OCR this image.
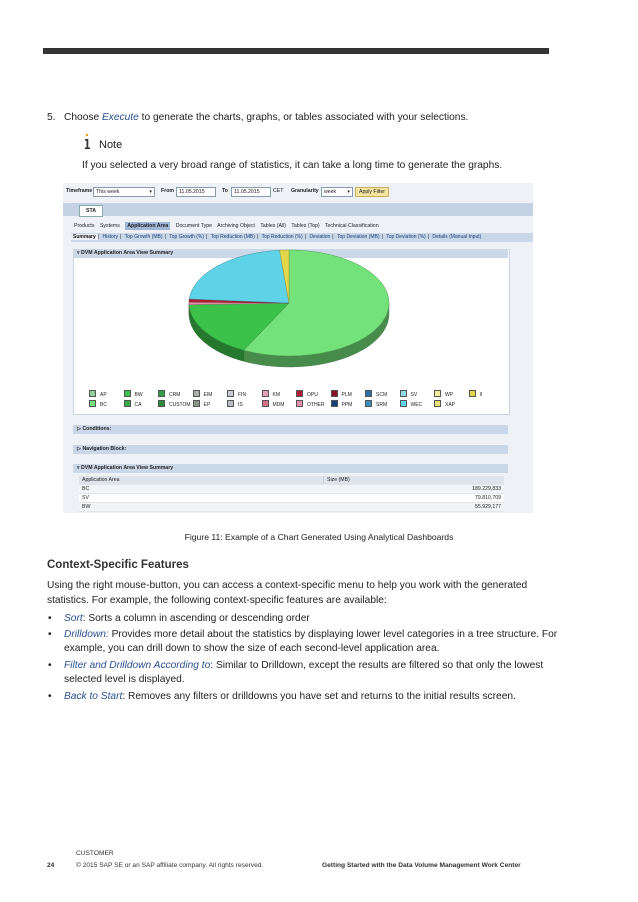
5. Choose Execute to generate the charts, graphs, or tables associated with your selections.
Note
If you selected a very broad range of statistics, it can take a long time to generate the graphs.
Timeframe This week	▾ From 11.05.2015	To	11.05.2015	CET Granularity	week ▾	Apply Filter
STA
Products Systems Application Area Document Type Archiving Object Tables (All) Tables (Top) Technical Classification
Summary | History | Top Growth (MB) | Top Growth (%) | Top Reduction (MB) | Top Reduction (%) | Deviation | Top Deviation (MB) | Top Deviation (%) | Details (Manual Input)
▿ DVM Application Area View Summary
AP	BW	CRM	EIM	FIN	KM	OPU	PLM	SCM	SV	WP	II
BC	CA	CUSTOM	EP	IS	MDM	OTHER	PPM	SRM	WEC	XAP
▷ Conditions:
▷ Navigation Block:
▿ DVM Application Area View Summary
Application Area	Size (MB)
BC	189.229,833
SV	79.810,709
BW	55.929,177
Figure 11: Example of a Chart Generated Using Analytical Dashboards
Context-Specific Features
Using the right mouse-button, you can access a context-specific menu to help you work with the generated
statistics. For example, the following context-specific features are available:
• Sort: Sorts a column in ascending or descending order
• Drilldown: Provides more detail about the statistics by displaying lower level categories in a tree structure. For
example, you can drill down to show the size of each second-level application area.
• Filter and Drilldown According to: Similar to Drilldown, except the results are filtered so that only the lowest
selected level is displayed.
• Back to Start: Removes any filters or drilldowns you have set and returns to the initial results screen.
CUSTOMER
24	© 2015 SAP SE or an SAP affiliate company. All rights reserved.	Getting Started with the Data Volume Management Work Center
